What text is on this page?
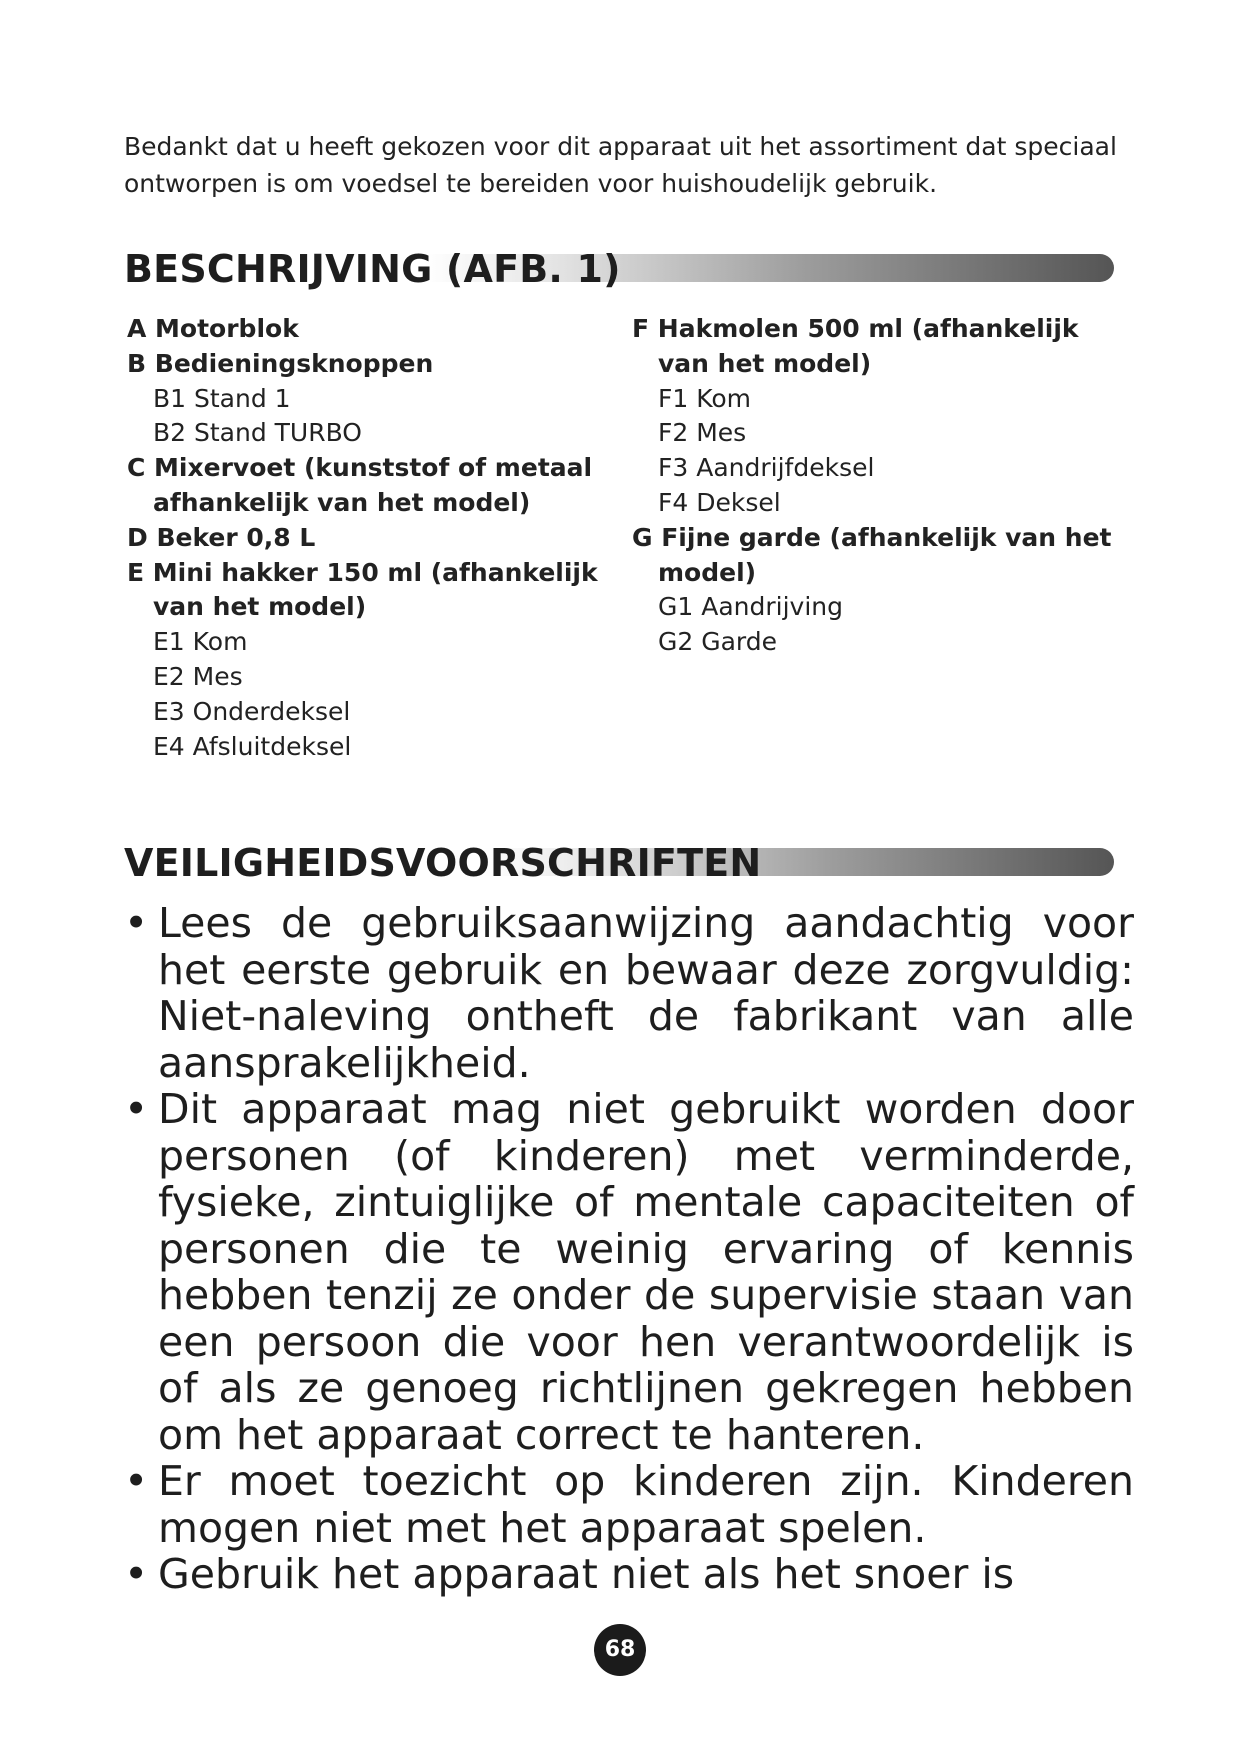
Bedankt dat u heeft gekozen voor dit apparaat uit het assortiment dat speciaal ontworpen is om voedsel te bereiden voor huishoudelijk gebruik.

BESCHRIJVING (AFB. 1)
A Motorblok
B Bedieningsknoppen
B1 Stand 1
B2 Stand TURBO
C Mixervoet (kunststof of metaal afhankelijk van het model)
D Beker 0,8 L
E Mini hakker 150 ml (afhankelijk van het model)
E1 Kom
E2 Mes
E3 Onderdeksel
E4 Afsluitdeksel
F Hakmolen 500 ml (afhankelijk van het model)
F1 Kom
F2 Mes
F3 Aandrijfdeksel
F4 Deksel
G Fijne garde (afhankelijk van het model)
G1 Aandrijving
G2 Garde
VEILIGHEIDSVOORSCHRIFTEN
• Lees de gebruiksaanwijzing aandachtig voor het eerste gebruik en bewaar deze zorgvuldig: Niet-naleving ontheft de fabrikant van alle aansprakelijkheid.
• Dit apparaat mag niet gebruikt worden door personen (of kinderen) met verminderde, fysieke, zintuiglijke of mentale capaciteiten of personen die te weinig ervaring of kennis hebben tenzij ze onder de supervisie staan van een persoon die voor hen verantwoordelijk is of als ze genoeg richtlijnen gekregen hebben om het apparaat correct te hanteren.
• Er moet toezicht op kinderen zijn. Kinderen mogen niet met het apparaat spelen.
• Gebruik het apparaat niet als het snoer is
68
